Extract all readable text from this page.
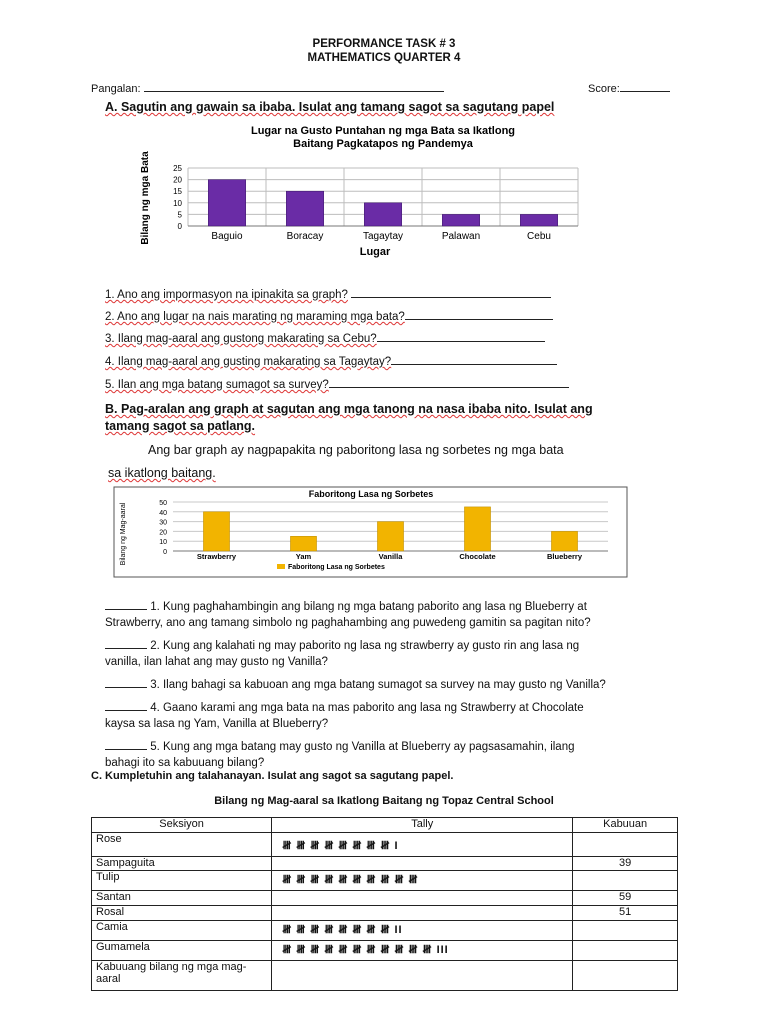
PERFORMANCE TASK # 3
MATHEMATICS QUARTER 4
Pangalan:	Score:
A. Sagutin ang gawain sa ibaba. Isulat ang tamang sagot sa sagutang papel
Lugar na Gusto Puntahan ng mga Bata sa Ikatlong
Baitang Pagkatapos ng Pandemya
Bilang ng mga Bata	0
5
10
15
20
25
Baguio	Boracay	Tagaytay	Palawan	Cebu
Lugar
1. Ano ang impormasyon na ipinakita sa graph?
2. Ano ang lugar na nais marating ng maraming mga bata?
3. Ilang mag-aaral ang gustong makarating sa Cebu?
4. Ilang mag-aaral ang gusting makarating sa Tagaytay?
5. Ilan ang mga batang sumagot sa survey?
B. Pag-aralan ang graph at sagutan ang mga tanong na nasa ibaba nito. Isulat ang
tamang sagot sa patlang.
Ang bar graph ay nagpapakita ng paboritong lasa ng sorbetes ng mga bata
sa ikatlong baitang.
Faboritong Lasa ng Sorbetes
Bilang ng Mag-aaral	0
10
20
30
40
50
Strawberry	Yam	Vanilla	Chocolate	Blueberry
Faboritong Lasa ng Sorbetes
1. Kung paghahambingin ang bilang ng mga batang paborito ang lasa ng Blueberry at
Strawberry, ano ang tamang simbolo ng paghahambing ang puwedeng gamitin sa pagitan nito?
2. Kung ang kalahati ng may paborito ng lasa ng strawberry ay gusto rin ang lasa ng
vanilla, ilan lahat ang may gusto ng Vanilla?
3. Ilang bahagi sa kabuoan ang mga batang sumagot sa survey na may gusto ng Vanilla?
4. Gaano karami ang mga bata na mas paborito ang lasa ng Strawberry at Chocolate
kaysa sa lasa ng Yam, Vanilla at Blueberry?
5. Kung ang mga batang may gusto ng Vanilla at Blueberry ay pagsasamahin, ilang
bahagi ito sa kabuuang bilang?
C. Kumpletuhin ang talahanayan. Isulat ang sagot sa sagutang papel.
Bilang ng Mag-aaral sa Ikatlong Baitang ng Topaz Central School
Seksiyon	Tally	Kabuuan
Rose	𝍸 𝍸 𝍸 𝍸 𝍸 𝍸 𝍸 𝍸 I	
Sampaguita		39
Tulip	𝍸 𝍸 𝍸 𝍸 𝍸 𝍸 𝍸 𝍸 𝍸 𝍸	
Santan		59
Rosal		51
Camia	𝍸 𝍸 𝍸 𝍸 𝍸 𝍸 𝍸 𝍸 II	
Gumamela	𝍸 𝍸 𝍸 𝍸 𝍸 𝍸 𝍸 𝍸 𝍸 𝍸 𝍸 III	
Kabuuang bilang ng mga mag-aaral		
